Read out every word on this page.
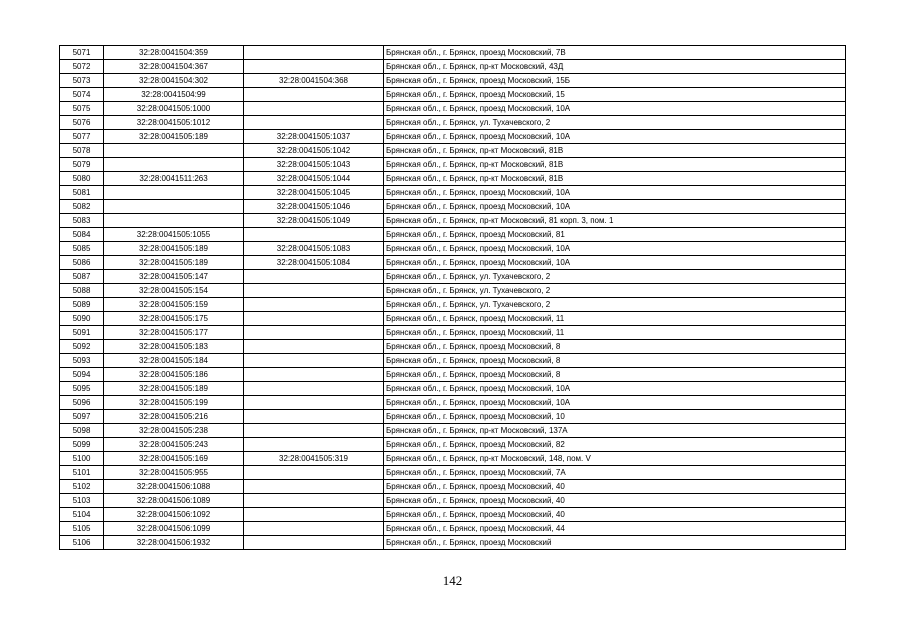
5071	32:28:0041504:359		Брянская обл., г. Брянск, проезд Московский, 7В
5072	32:28:0041504:367		Брянская обл., г. Брянск, пр-кт Московский, 43Д
5073	32:28:0041504:302	32:28:0041504:368	Брянская обл., г. Брянск, проезд Московский, 15Б
5074	32:28:0041504:99		Брянская обл., г. Брянск, проезд Московский, 15
5075	32:28:0041505:1000		Брянская обл., г. Брянск, проезд Московский, 10А
5076	32:28:0041505:1012		Брянская обл., г. Брянск, ул. Тухачевского, 2
5077	32:28:0041505:189	32:28:0041505:1037	Брянская обл., г. Брянск, проезд Московский, 10А
5078		32:28:0041505:1042	Брянская обл., г. Брянск, пр-кт Московский, 81В
5079		32:28:0041505:1043	Брянская обл., г. Брянск, пр-кт Московский, 81В
5080	32:28:0041511:263	32:28:0041505:1044	Брянская обл., г. Брянск, пр-кт Московский, 81В
5081		32:28:0041505:1045	Брянская обл., г. Брянск, проезд Московский, 10А
5082		32:28:0041505:1046	Брянская обл., г. Брянск, проезд Московский, 10А
5083		32:28:0041505:1049	Брянская обл., г. Брянск, пр-кт Московский, 81 корп. 3, пом. 1
5084	32:28:0041505:1055		Брянская обл., г. Брянск, проезд Московский, 81
5085	32:28:0041505:189	32:28:0041505:1083	Брянская обл., г. Брянск, проезд Московский, 10А
5086	32:28:0041505:189	32:28:0041505:1084	Брянская обл., г. Брянск, проезд Московский, 10А
5087	32:28:0041505:147		Брянская обл., г. Брянск, ул. Тухачевского, 2
5088	32:28:0041505:154		Брянская обл., г. Брянск, ул. Тухачевского, 2
5089	32:28:0041505:159		Брянская обл., г. Брянск, ул. Тухачевского, 2
5090	32:28:0041505:175		Брянская обл., г. Брянск, проезд Московский, 11
5091	32:28:0041505:177		Брянская обл., г. Брянск, проезд Московский, 11
5092	32:28:0041505:183		Брянская обл., г. Брянск, проезд Московский, 8
5093	32:28:0041505:184		Брянская обл., г. Брянск, проезд Московский, 8
5094	32:28:0041505:186		Брянская обл., г. Брянск, проезд Московский, 8
5095	32:28:0041505:189		Брянская обл., г. Брянск, проезд Московский, 10А
5096	32:28:0041505:199		Брянская обл., г. Брянск, проезд Московский, 10А
5097	32:28:0041505:216		Брянская обл., г. Брянск, проезд Московский, 10
5098	32:28:0041505:238		Брянская обл., г. Брянск, пр-кт Московский, 137А
5099	32:28:0041505:243		Брянская обл., г. Брянск, проезд Московский, 82
5100	32:28:0041505:169	32:28:0041505:319	Брянская обл., г. Брянск, пр-кт Московский, 148, пом. V
5101	32:28:0041505:955		Брянская обл., г. Брянск, проезд Московский, 7А
5102	32:28:0041506:1088		Брянская обл., г. Брянск, проезд Московский, 40
5103	32:28:0041506:1089		Брянская обл., г. Брянск, проезд Московский, 40
5104	32:28:0041506:1092		Брянская обл., г. Брянск, проезд Московский, 40
5105	32:28:0041506:1099		Брянская обл., г. Брянск, проезд Московский, 44
5106	32:28:0041506:1932		Брянская обл., г. Брянск, проезд Московский
142
